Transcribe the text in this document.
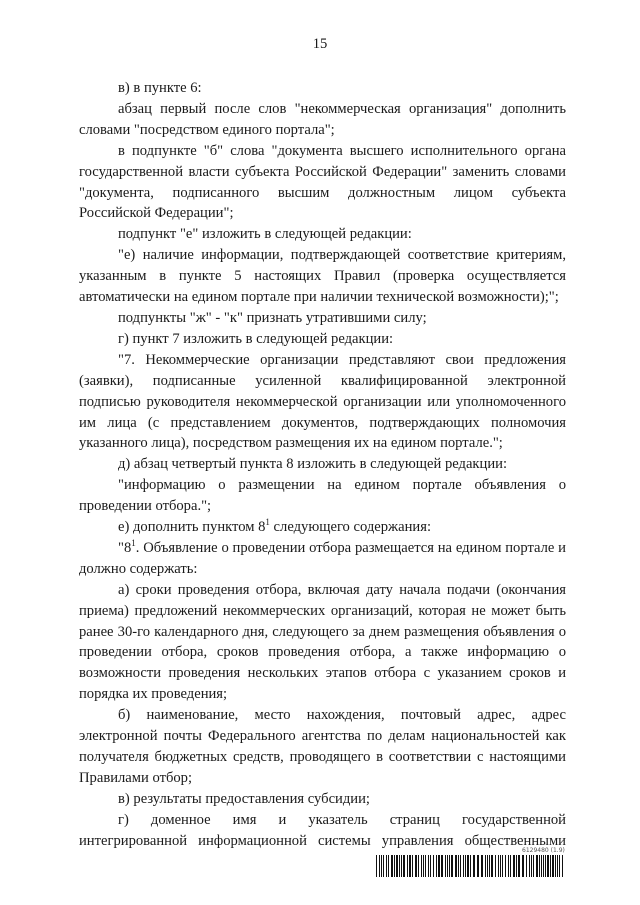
15

в) в пункте 6:

абзац первый после слов "некоммерческая организация" дополнить словами "посредством единого портала";

в подпункте "б" слова "документа высшего исполнительного органа государственной власти субъекта Российской Федерации" заменить словами "документа, подписанного высшим должностным лицом субъекта Российской Федерации";

подпункт "е" изложить в следующей редакции:

"е) наличие информации, подтверждающей соответствие критериям, указанным в пункте 5 настоящих Правил (проверка осуществляется автоматически на едином портале при наличии технической возможности);";

подпункты "ж" - "к" признать утратившими силу;

г) пункт 7 изложить в следующей редакции:

"7. Некоммерческие организации представляют свои предложения (заявки), подписанные усиленной квалифицированной электронной подписью руководителя некоммерческой организации или уполномоченного им лица (с представлением документов, подтверждающих полномочия указанного лица), посредством размещения их на едином портале.";

д) абзац четвертый пункта 8 изложить в следующей редакции:

"информацию о размещении на едином портале объявления о проведении отбора.";

е) дополнить пунктом $8^1$ следующего содержания:

"$8^1$. Объявление о проведении отбора размещается на едином портале и должно содержать:

а) сроки проведения отбора, включая дату начала подачи (окончания приема) предложений некоммерческих организаций, которая не может быть ранее 30-го календарного дня, следующего за днем размещения объявления о проведении отбора, сроков проведения отбора, а также информацию о возможности проведения нескольких этапов отбора с указанием сроков и порядка их проведения;

б) наименование, место нахождения, почтовый адрес, адрес электронной почты Федерального агентства по делам национальностей как получателя бюджетных средств, проводящего в соответствии с настоящими Правилами отбор;

в) результаты предоставления субсидии;

г) доменное имя и указатель страниц государственной интегрированной информационной системы управления общественными

6129480 (1.9)
